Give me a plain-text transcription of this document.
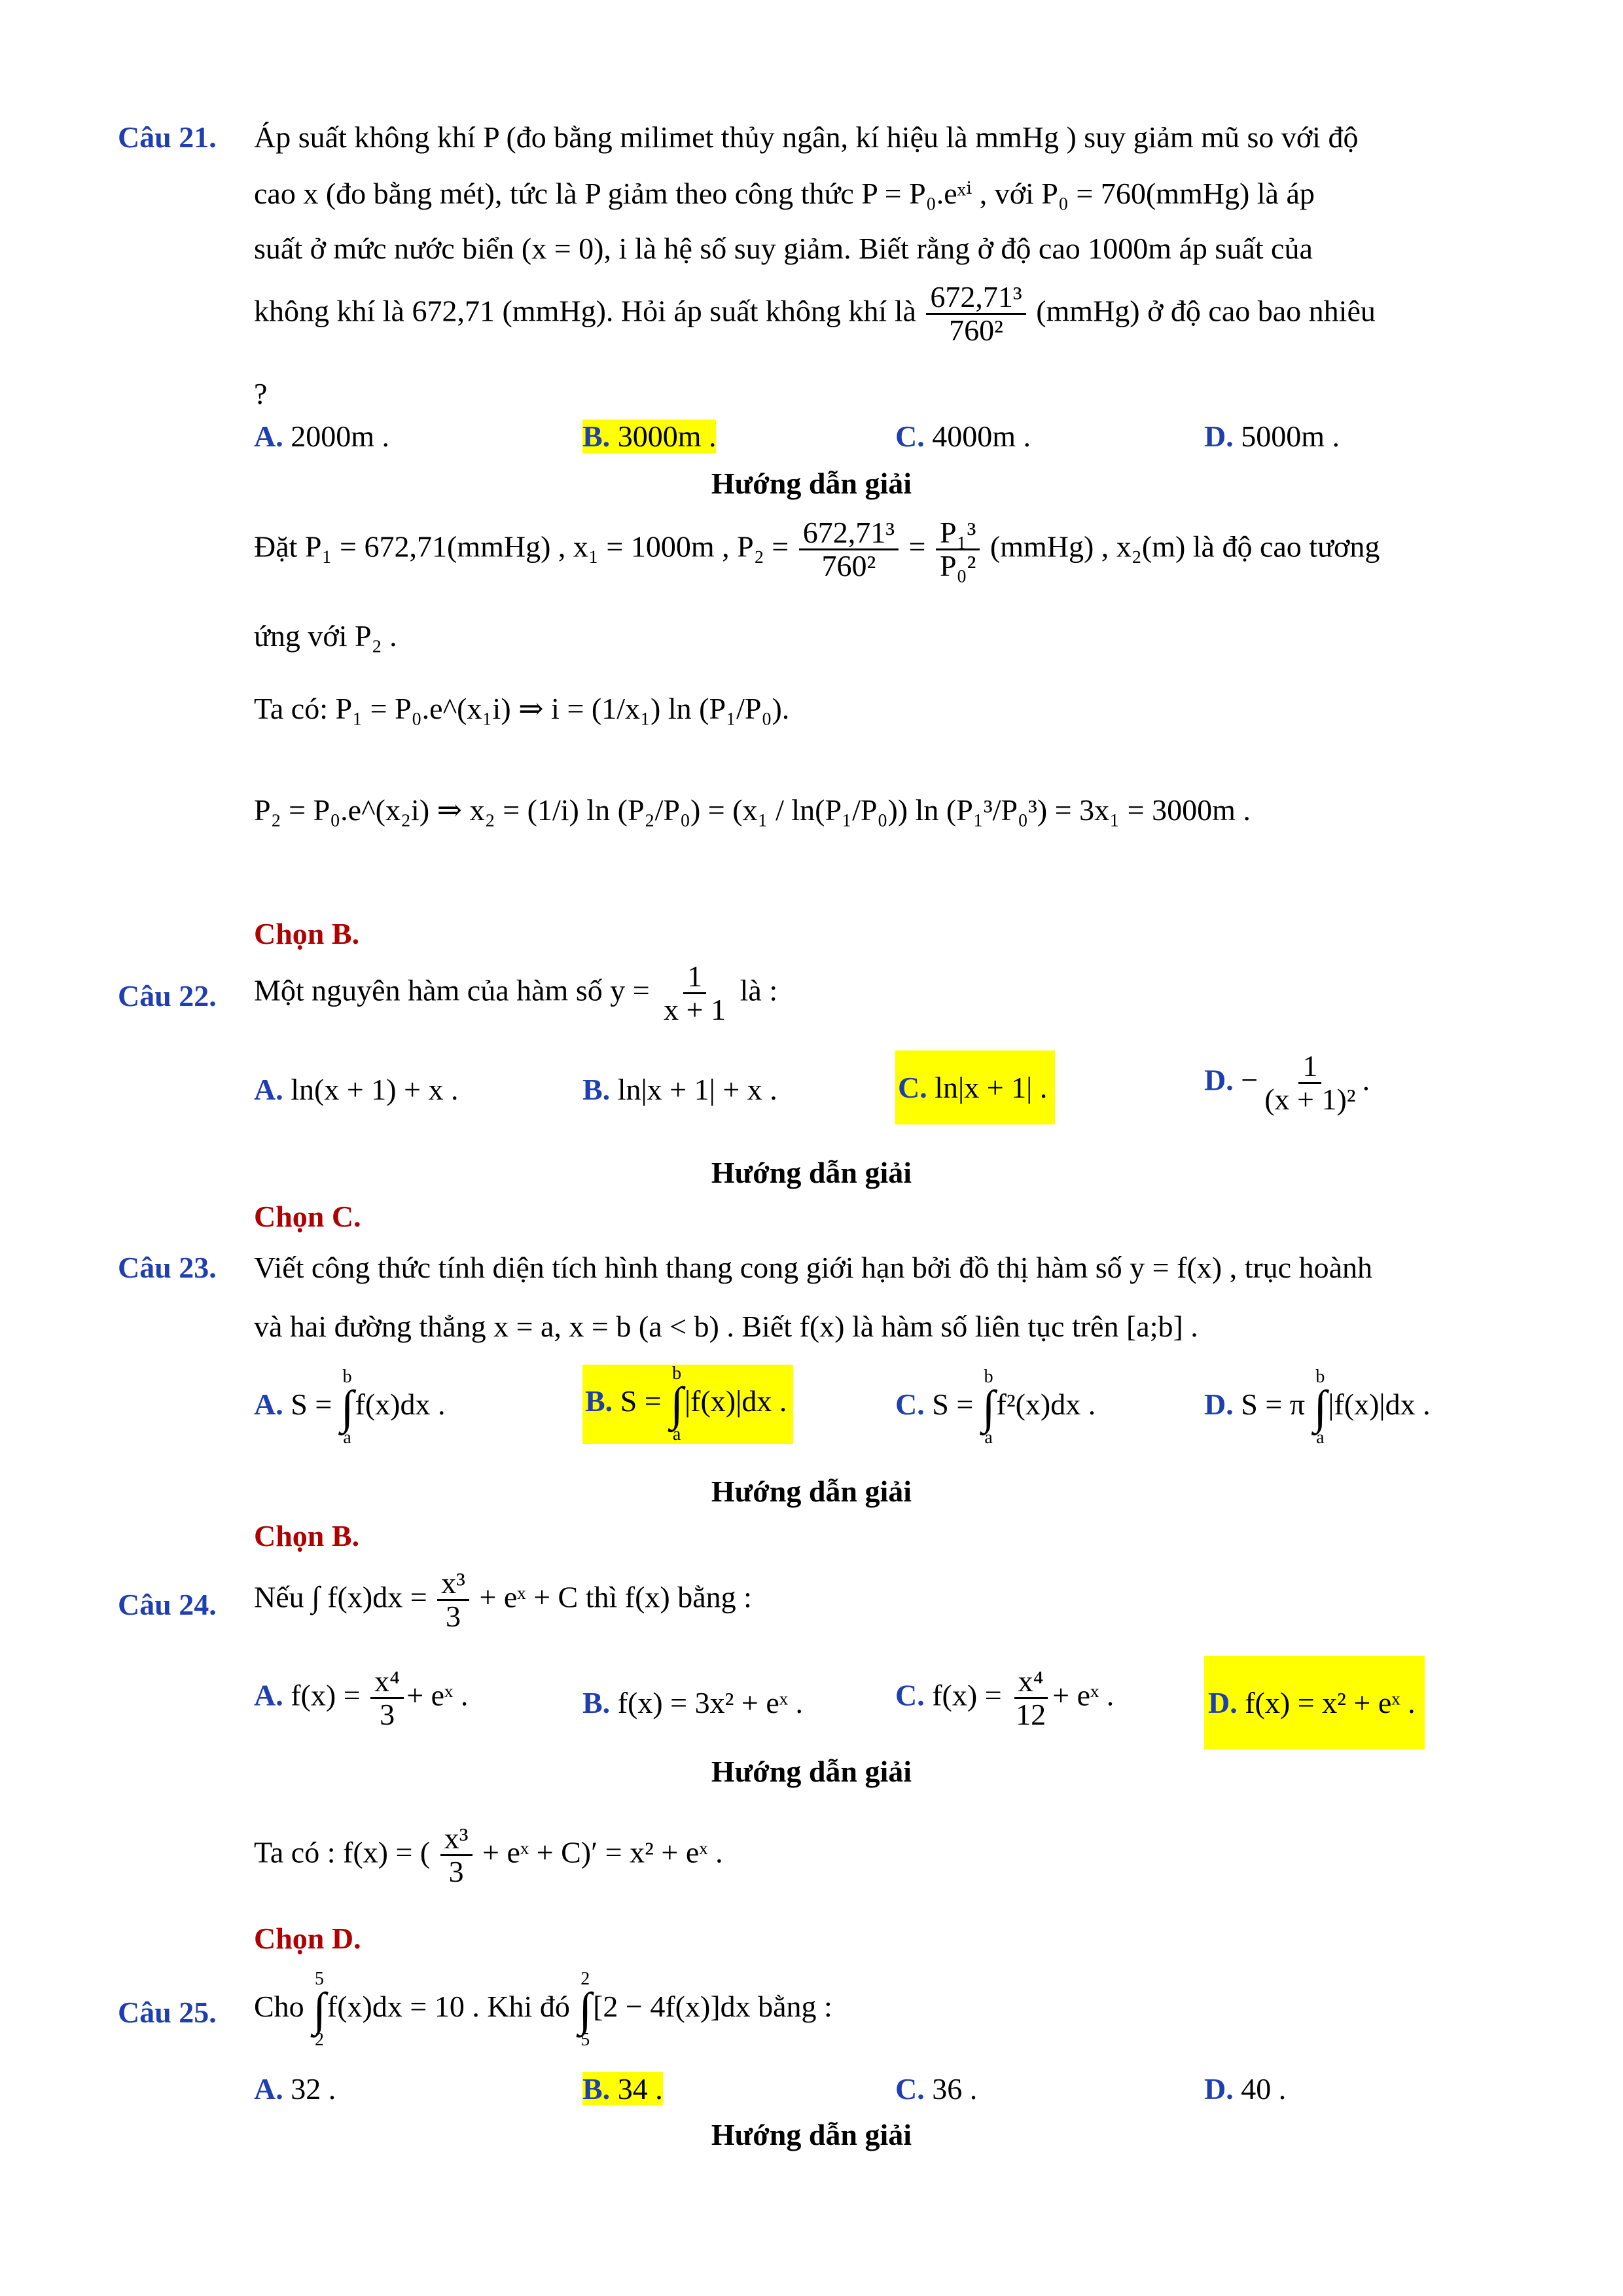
Câu 21. Áp suất không khí P (đo bằng milimet thủy ngân, kí hiệu là mmHg ) suy giảm mũ so với độ
cao x (đo bằng mét), tức là P giảm theo công thức P = P₀.eˣⁱ , với P₀ = 760(mmHg) là áp
suất ở mức nước biển (x = 0), i là hệ số suy giảm. Biết rằng ở độ cao 1000m áp suất của
không khí là 672,71 (mmHg). Hỏi áp suất không khí là $\frac{\text{672,71³}}{\text{760²}}$ (mmHg) ở độ cao bao nhiêu
?
A. 2000m .	B. 3000m .	C. 4000m .	D. 5000m .
Hướng dẫn giải
Đặt P₁ = 672,71(mmHg) , x₁ = 1000m , $P_2 = \frac{\text{672,71³}}{\text{760²}} = \frac{\text{P₁³}}{\text{P₀²}}$ (mmHg) , x₂(m) là độ cao tương
ứng với P₂ .
Ta có: P₁ = P₀.e^(x₁i) ⇒ i = (1/x₁) ln (P₁/P₀).
P₂ = P₀.e^(x₂i) ⇒ x₂ = (1/i) ln (P₂/P₀) = (x₁ / ln(P₁/P₀)) ln (P₁³/P₀³) = 3x₁ = 3000m .
Chọn B.
Câu 22. Một nguyên hàm của hàm số $y = \frac{1}{x + 1}$ là :
A. ln(x + 1) + x .	B. ln|x + 1| + x .	C. ln|x + 1| .	D. − $\frac{1}{\text{(x + 1)²}}$ .
Hướng dẫn giải
Chọn C.
Câu 23. Viết công thức tính diện tích hình thang cong giới hạn bởi đồ thị hàm số y = f(x) , trục hoành
và hai đường thẳng x = a, x = b (a < b) . Biết f(x) là hàm số liên tục trên [a;b] .
A. S =
b
∫
a
f(x)dx .	B. S =
b
∫
a
|f(x)|dx .	C. S =
b
∫
a
f²(x)dx .	D. S = π
b
∫
a
|f(x)|dx .
Hướng dẫn giải
Chọn B.
Câu 24. Nếu ∫ $f(x)dx = \frac{\text{x³}}{3}$ + eˣ + C thì f(x) bằng :
A. $f(x) = \frac{\text{x⁴}}{3}$ + eˣ .	B. f(x) = 3x² + eˣ .	C. $f(x) = \frac{\text{x⁴}}{12}$ + eˣ .	D. f(x) = x² + eˣ .
Hướng dẫn giải
Ta có : f(x) = ( $\frac{\text{x³}}{3}$ + eˣ + C)′ = x² + eˣ .
Chọn D.
Câu 25. Cho
5
∫
2
f(x)dx = 10 . Khi đó
2
∫
5
[2 − 4f(x)]dx bằng :
A. 32 .	B. 34 .	C. 36 .	D. 40 .
Hướng dẫn giải
